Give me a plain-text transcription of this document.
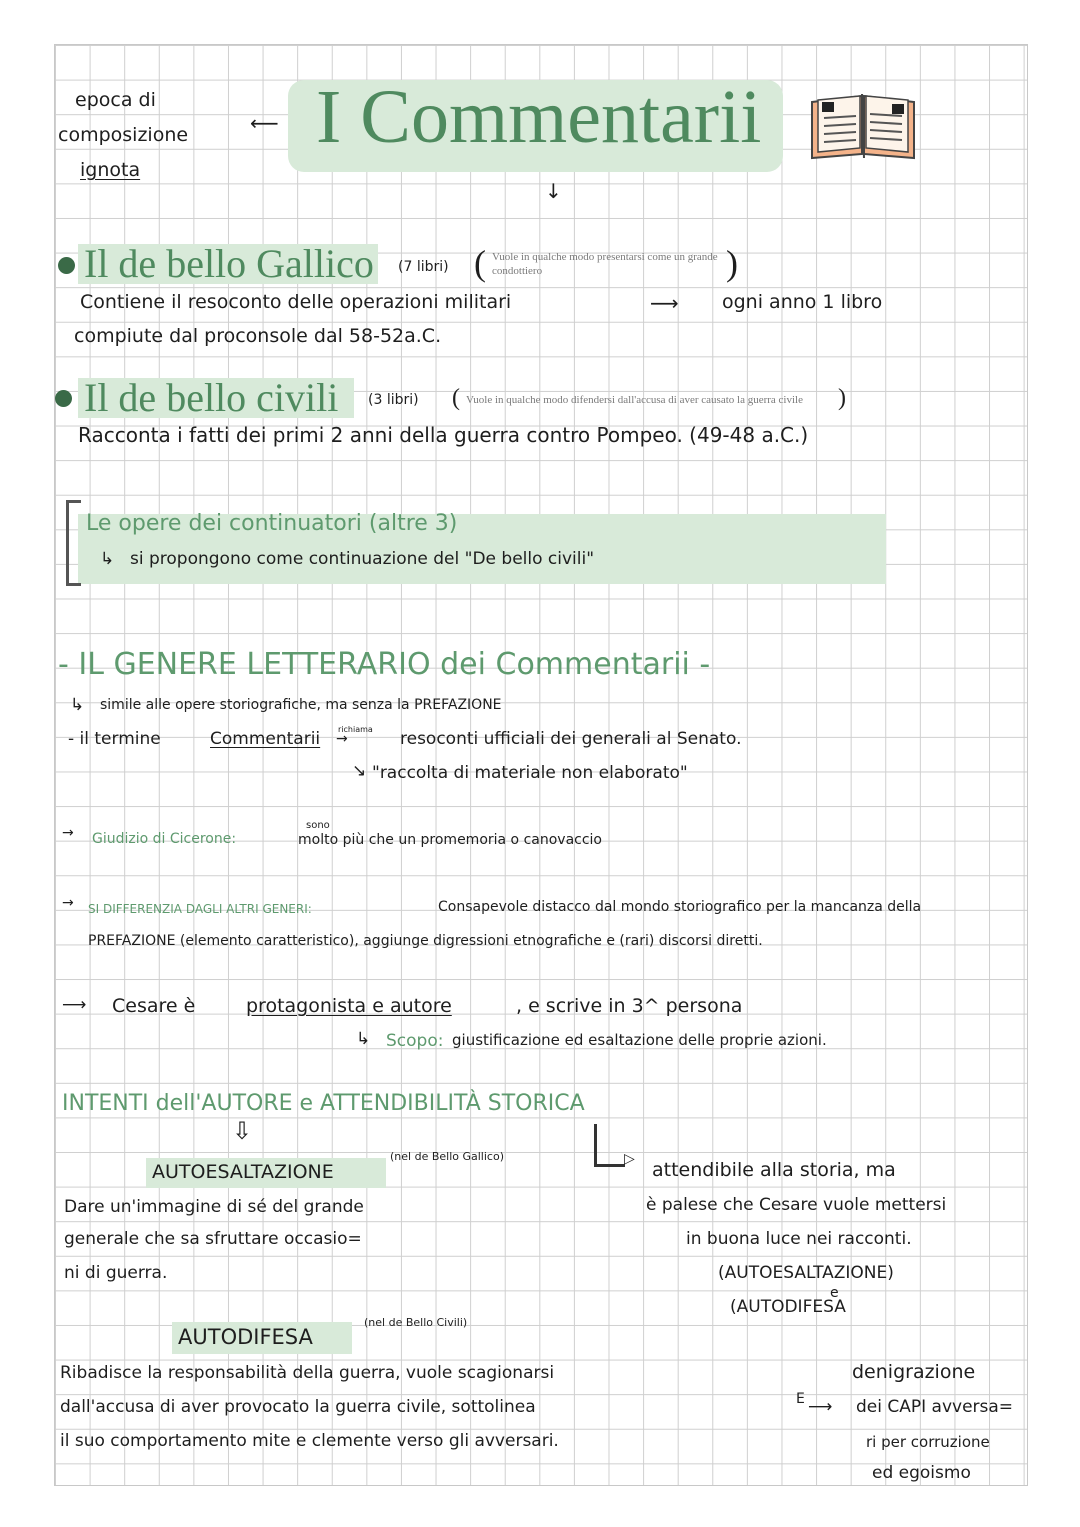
epoca di
composizione
ignota
⟵ I Commentarii
↓
Il de bello Gallico (7 libri) ( Vuole in qualche modo presentarsi come un grande condottiero	)
Contiene il resoconto delle operazioni militari	⟶ ogni anno 1 libro
compiute dal proconsole dal 58-52a.C.
Il de bello civili (3 libri) ( Vuole in qualche modo difendersi dall'accusa di aver causato la guerra civile )
Racconta i fatti dei primi 2 anni della guerra contro Pompeo. (49-48 a.C.)
Le opere dei continuatori (altre 3)
↳ si propongono come continuazione del "De bello civili"
- IL GENERE LETTERARIO dei Commentarii -
↳ simile alle opere storiografiche, ma senza la PREFAZIONE
- il termine	Commentarii richiama
→	resoconti ufficiali dei generali al Senato.
↘ "raccolta di materiale non elaborato"
→ Giudizio di Cicerone:
sono
molto più che un promemoria o canovaccio
→ SI DIFFERENZIA DAGLI ALTRI GENERI:	Consapevole distacco dal mondo storiografico per la mancanza della
PREFAZIONE (elemento caratteristico), aggiunge digressioni etnografiche e (rari) discorsi diretti.
⟶ Cesare è	protagonista e autore	, e scrive in 3^ persona
↳ Scopo: giustificazione ed esaltazione delle proprie azioni.
INTENTI dell'AUTORE e ATTENDIBILITÀ STORICA
⇩
AUTOESALTAZIONE
(nel de Bello Gallico)
Dare un'immagine di sé del grande
generale che sa sfruttare occasio=
ni di guerra.
▷ attendibile alla storia, ma
è palese che Cesare vuole mettersi
in buona luce nei racconti.
(AUTOESALTAZIONE)
e
(AUTODIFESA
AUTODIFESA
(nel de Bello Civili)
Ribadisce la responsabilità della guerra, vuole scagionarsi
dall'accusa di aver provocato la guerra civile, sottolinea
il suo comportamento mite e clemente verso gli avversari.
E ⟶
denigrazione
dei CAPI avversa=
ri per corruzione
ed egoismo
